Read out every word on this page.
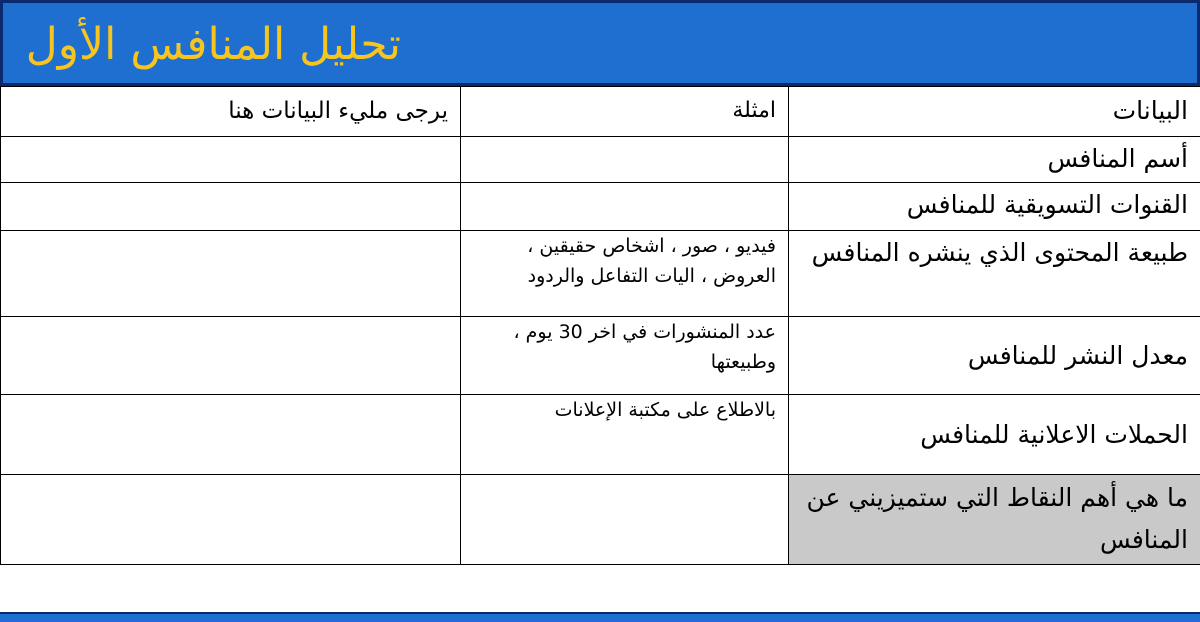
تحليل المنافس الأول
البيانات	امثلة	يرجى مليء البيانات هنا
أسم المنافس		
القنوات التسويقية للمنافس		
طبيعة المحتوى الذي ينشره المنافس	فيديو ، صور ، اشخاص حقيقين ، العروض ، اليات التفاعل والردود	
معدل النشر للمنافس	عدد المنشورات في اخر 30 يوم ، وطبيعتها	
الحملات الاعلانية للمنافس	بالاطلاع على مكتبة الإعلانات	
ما هي أهم النقاط التي ستميزيني عن المنافس		
